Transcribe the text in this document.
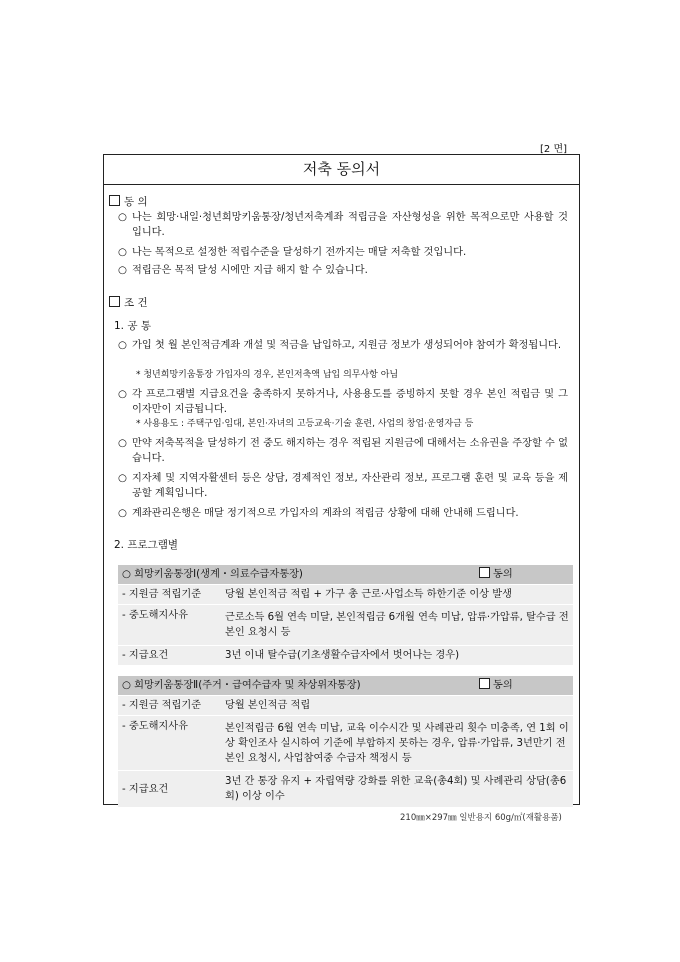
[2 면]
저축 동의서
동 의
○ 나는 희망·내일·청년희망키움통장/청년저축계좌 적립금을 자산형성을 위한 목적으로만 사용할 것입니다.
○ 나는 목적으로 설정한 적립수준을 달성하기 전까지는 매달 저축할 것입니다.
○ 적립금은 목적 달성 시에만 지급 해지 할 수 있습니다.
조 건
1. 공 통
○ 가입 첫 월 본인적금계좌 개설 및 적금을 납입하고, 지원금 정보가 생성되어야 참여가 확정됩니다.
* 청년희망키움통장 가입자의 경우, 본인저축액 납입 의무사항 아님
○ 각 프로그램별 지급요건을 충족하지 못하거나, 사용용도를 증빙하지 못할 경우 본인 적립금 및 그 이자만이 지급됩니다.
* 사용용도 : 주택구입·임대, 본인·자녀의 고등교육·기술 훈련, 사업의 창업·운영자금 등
○ 만약 저축목적을 달성하기 전 중도 해지하는 경우 적립된 지원금에 대해서는 소유권을 주장할 수 없습니다.
○ 지자체 및 지역자활센터 등은 상담, 경제적인 정보, 자산관리 정보, 프로그램 훈련 및 교육 등을 제공할 계획입니다.
○ 계좌관리은행은 매달 정기적으로 가입자의 계좌의 적립금 상황에 대해 안내해 드립니다.
2. 프로그램별
○ 희망키움통장Ⅰ(생계・의료수급자통장)		동의
- 지원금 적립기준	당월 본인적금 적립 + 가구 총 근로·사업소득 하한기준 이상 발생	
- 중도해지사유	근로소득 6월 연속 미달, 본인적립금 6개월 연속 미납, 압류·가압류, 탈수급 전 본인 요청시 등	
- 지급요건	3년 이내 탈수급(기초생활수급자에서 벗어나는 경우)	
○ 희망키움통장Ⅱ(주거・급여수급자 및 차상위자통장)		동의
- 지원금 적립기준	당월 본인적금 적립	
- 중도해지사유	본인적립금 6월 연속 미납, 교육 이수시간 및 사례관리 횟수 미충족, 연 1회 이상 확인조사 실시하여 기준에 부합하지 못하는 경우, 압류·가압류, 3년만기 전 본인 요청시, 사업참여중 수급자 책정시 등	
- 지급요건	3년 간 통장 유지 + 자립역량 강화를 위한 교육(총4회) 및 사례관리 상담(총6회) 이상 이수	
210㎜×297㎜ 일반용지 60g/㎡(재활용품)
